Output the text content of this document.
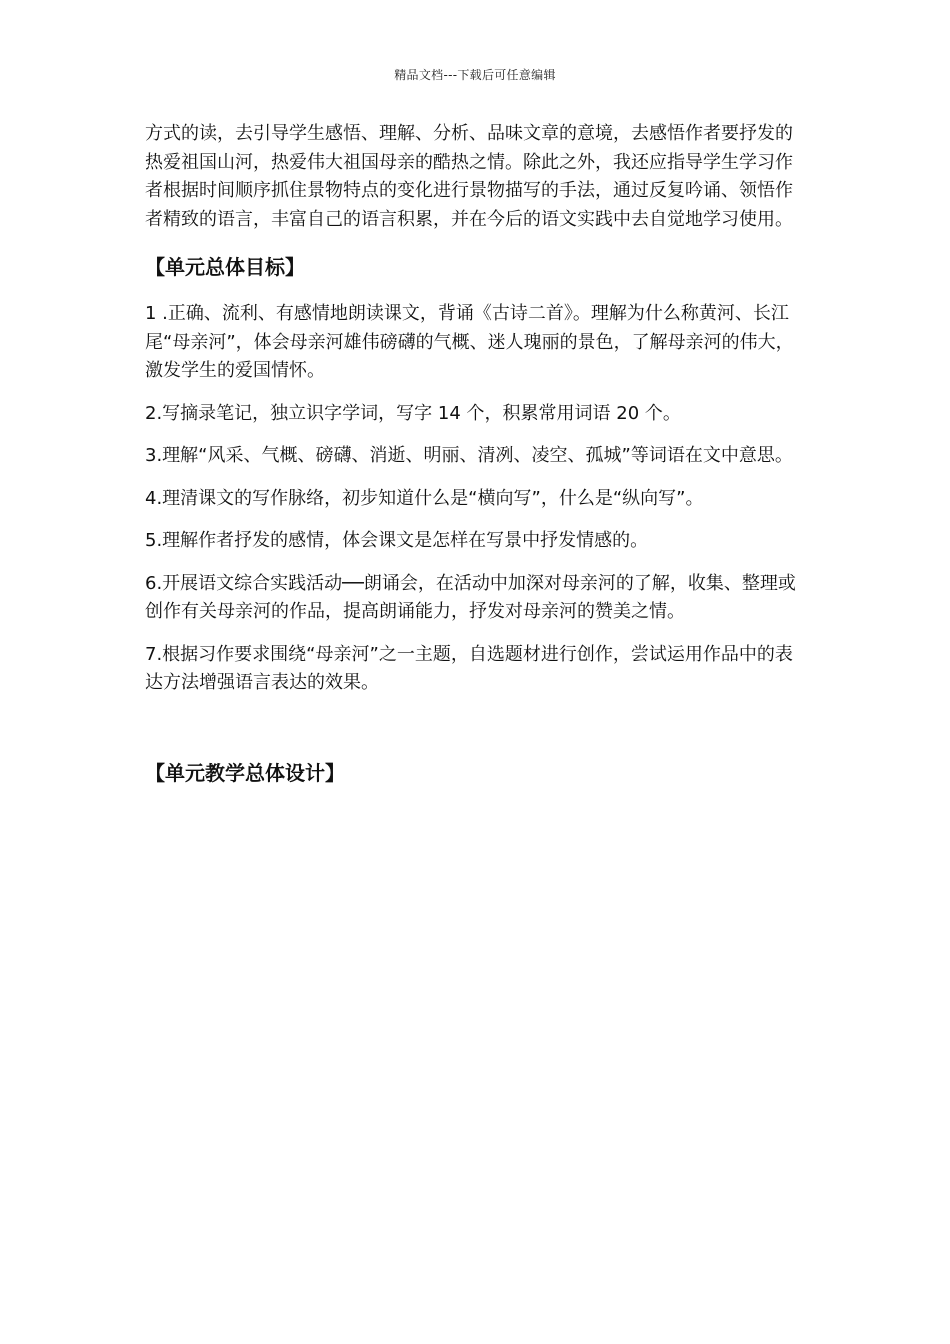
精品文档---下载后可任意编辑

方式的读，去引导学生感悟、理解、分析、品味文章的意境，去感悟作者要抒发的热爱祖国山河，热爱伟大祖国母亲的酷热之情。除此之外，我还应指导学生学习作者根据时间顺序抓住景物特点的变化进行景物描写的手法，通过反复吟诵、领悟作者精致的语言，丰富自己的语言积累，并在今后的语文实践中去自觉地学习使用。

【单元总体目标】

1 .正确、流利、有感情地朗读课文，背诵《古诗二首》。理解为什么称黄河、长江尾“母亲河”，体会母亲河雄伟磅礴的气概、迷人瑰丽的景色，了解母亲河的伟大，激发学生的爱国情怀。

2.写摘录笔记，独立识字学词，写字 14 个，积累常用词语 20 个。

3.理解“风采、气概、磅礴、消逝、明丽、清冽、凌空、孤城”等词语在文中意思。

4.理清课文的写作脉络，初步知道什么是“横向写”，什么是“纵向写”。

5.理解作者抒发的感情，体会课文是怎样在写景中抒发情感的。

6.开展语文综合实践活动──朗诵会，在活动中加深对母亲河的了解，收集、整理或创作有关母亲河的作品，提高朗诵能力，抒发对母亲河的赞美之情。

7.根据习作要求围绕“母亲河”之一主题，自选题材进行创作，尝试运用作品中的表达方法增强语言表达的效果。

【单元教学总体设计】
